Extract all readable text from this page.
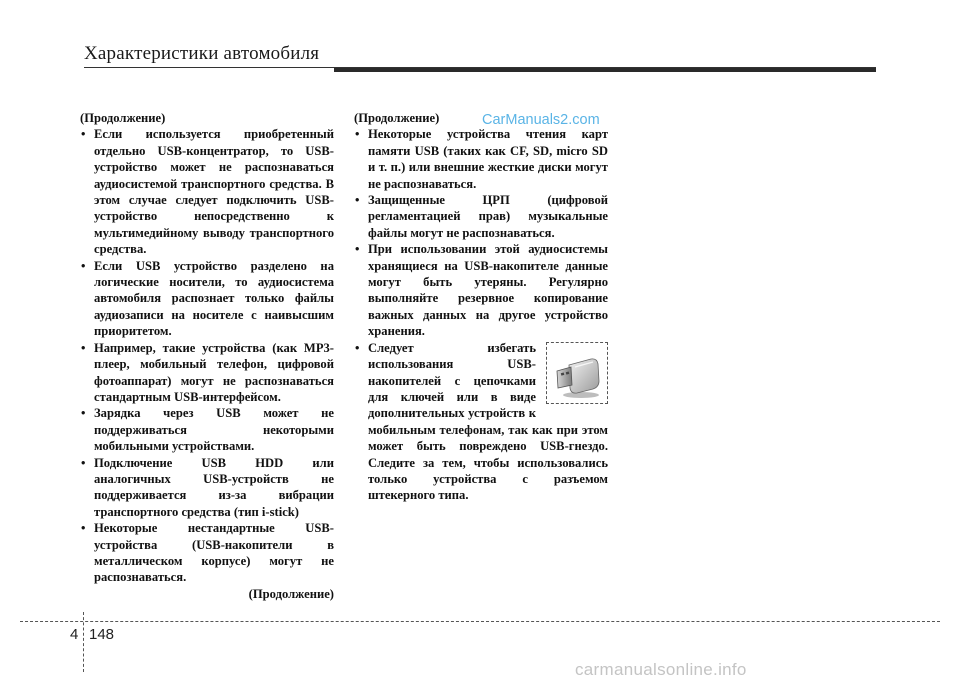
Характеристики автомобиля

(Продолжение)

• Если используется приобретенный отдельно USB-концентратор, то USB-устройство может не распознаваться аудиосистемой транспортного средства. В этом случае следует подключить USB-устройство непосредственно к мультимедийному выводу транспортного средства.
• Если USB устройство разделено на логические носители, то аудиосистема автомобиля распознает только файлы аудиозаписи на носителе с наивысшим приоритетом.
• Например, такие устройства (как MP3-плеер, мобильный телефон, цифровой фотоаппарат) могут не распознаваться стандартным USB-интерфейсом.
• Зарядка через USB может не поддерживаться некоторыми мобильными устройствами.
• Подключение USB HDD или аналогичных USB-устройств не поддерживается из-за вибрации транспортного средства (тип i-stick)
• Некоторые нестандартные USB-устройства (USB-накопители в металлическом корпусе) могут не распознаваться.

(Продолжение)

(Продолжение)

• Некоторые устройства чтения карт памяти USB (таких как CF, SD, micro SD и т. п.) или внешние жесткие диски могут не распознаваться.
• Защищенные ЦРП (цифровой регламентацией прав) музыкальные файлы могут не распознаваться.
• При использовании этой аудиосистемы хранящиеся на USB-накопителе данные могут быть утеряны. Регулярно выполняйте резервное копирование важных данных на другое устройство хранения.
• Следует избегать использования USB-накопителей с цепочками для ключей или в виде дополнительных устройств к мобильным телефонам, так как при этом может быть повреждено USB-гнездо. Следите за тем, чтобы использовались только устройства с разъемом штекерного типа.
CarManuals2.com
4 148
carmanualsonline.info
